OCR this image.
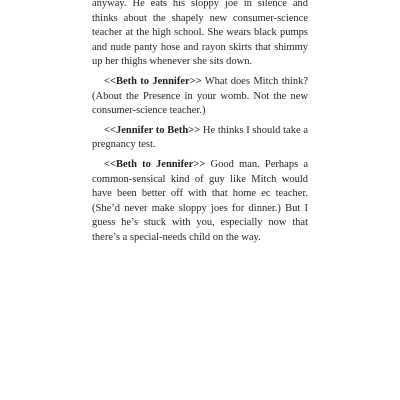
anyway. He eats his sloppy joe in silence and thinks about the shapely new consumer-science teacher at the high school. She wears black pumps and nude panty hose and rayon skirts that shimmy up her thighs whenever she sits down.

<<Beth to Jennifer>> What does Mitch think? (About the Presence in your womb. Not the new consumer-science teacher.)

<<Jennifer to Beth>> He thinks I should take a pregnancy test.

<<Beth to Jennifer>> Good man. Perhaps a common-sensical kind of guy like Mitch would have been better off with that home ec teacher. (She’d never make sloppy joes for dinner.) But I guess he’s stuck with you, especially now that there’s a special-needs child on the way.
